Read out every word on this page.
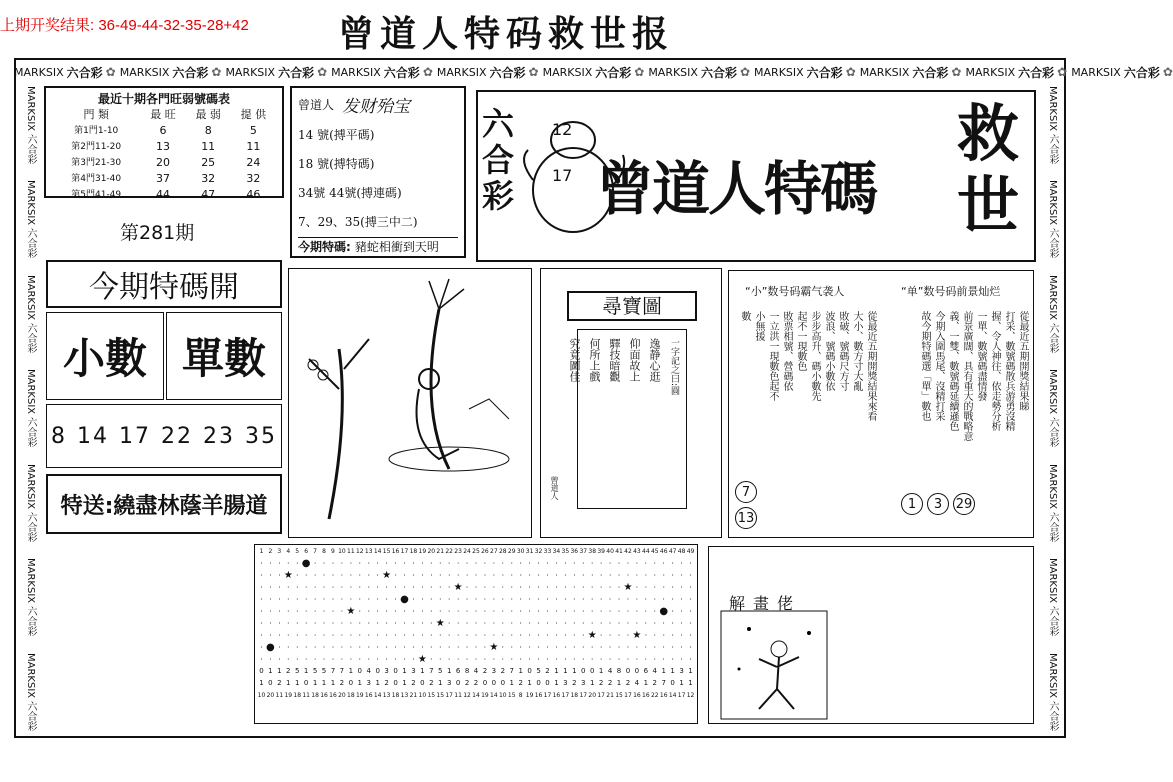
上期开奖结果: 36-49-44-32-35-28+42 曾道人特码救世报
MARKSIX 六合彩 ✿ MARKSIX 六合彩 ✿ MARKSIX 六合彩 ✿ MARKSIX 六合彩 ✿ MARKSIX 六合彩 ✿ MARKSIX 六合彩 ✿ MARKSIX 六合彩 ✿ MARKSIX 六合彩 ✿ MARKSIX 六合彩 ✿ MARKSIX 六合彩 ✿ MARKSIX 六合彩 ✿
MARKSIX 六合彩
MARKSIX 六合彩
MARKSIX 六合彩
MARKSIX 六合彩
MARKSIX 六合彩
MARKSIX 六合彩
MARKSIX 六合彩
MARKSIX 六合彩
MARKSIX 六合彩
MARKSIX 六合彩
MARKSIX 六合彩
MARKSIX 六合彩
MARKSIX 六合彩
MARKSIX 六合彩
最近十期各門旺弱號碼表
門 類	最 旺	最 弱	提 供
第1門1-10	6	8	5
第2門11-20	13	11	11
第3門21-30	20	25	24
第4門31-40	37	32	32
第5門41-49	44	47	46
第281期
曾道人 发财殆宝
14 號(搏平碼)
18 號(搏特碼)
34號 44號(搏連碼)
7、29、35(搏三中二)
今期特碼: 豬蛇相衝到天明
六
合
彩
12
17 曾道人特碼
救
世
今期特碼開
小數 單數
8 14 17 22 23 35
特送:繞盡林蔭羊腸道
尋寶圖
一字記之曰:圓
逸静心逛
仰面故上
驛技暗觀
何所上戲
究竟圖佳
曾道人
“小”数号码霸气袭人	“单”数号码前景灿烂
從最近五期開獎結果來看
大小、數方寸大亂
敗破、號碼尺方寸
波浪、號碼小數依
步步高升、碼小數先
起不一現數色
敗票相號、營碼依
一立洪一現數色起不
小無援
數	從最近五期開獎結果睇
打采、數號碼散兵游勇沒精
握、令人神往、依走勢分析
一單、數號碼盡情發
前景廣闊、具有重大的戰略意
義、一雙、數號碼延續遜色
今期入圍馬尾、沒精打采
故今期特碼選「單」數也
7
13
1	3	29
1 2 3 4 5 6 7 8 9 10 11 12 13 14 15 16 17 18 19 20 21 22 23 24 25 26 27 28 29 30 31 32 33 34 35 36 37 38 39 40 41 42 43 44 45 46 47 48 49
· · · · · ● · · · · · · · · · · · · · · · · · · · · · · · · · · · · · · · · · · · · · · · · · · ·
· · · ★ · · · · · · · · · · ★ · · · · · · · · · · · · · · · · · · · · · · · · · · · · · · · · · ·
· · · · · · · · · · · · · · · · · · · · · · ★ · · · · · · · · · · · · · · · · · · ★ · · · · · · ·
· · · · · · · · · · · · · · · · ● · · · · · · · · · · · · · · · · · · · · · · · · · · · · · · · ·
· · · · · · · · · · ★ · · · · · · · · · · · · · · · · · · · · · · · · · · · · · · · · · · ● · · ·
· · · · · · · · · · · · · · · · · · · · ★ · · · · · · · · · · · · · · · · · · · · · · · · · · · ·
· · · · · · · · · · · · · · · · · · · · · · · · · · · · · · · · · · · · · ★ · · · · ★ · · · · · ·
· ● · · · · · · · · · · · · · · · · · · · · · · · · ★ · · · · · · · · · · · · · · · · · · · · · ·
· · · · · · · · · · · · · · · · · · ★ · · · · · · · · · · · · · · · · · · · · · · · · · · · · · ·
0 1 1 2 5 1 5 5 7 7 1 0 4 0 3 0 1 3 1 7 5 1 6 8 4 2 3 2 7 1 0 5 2 1 1 1 0 0 1 4 8 0 0 6 4 1 1 3 1
1 0 2 1 1 0 1 1 1 2 0 1 3 1 2 0 1 2 0 2 1 3 0 2 2 0 0 0 1 2 1 0 0 1 3 2 3 1 2 2 1 2 4 1 2 7 0 1 1
10 20 11 19 18 11 18 16 16 20 18 19 16 14 13 18 13 21 10 15 15 17 11 12 14 19 14 10 15 8 19 16 17 16 17 18 17 20 17 21 15 17 16 16 22 16 14 17 12
解畫佬
